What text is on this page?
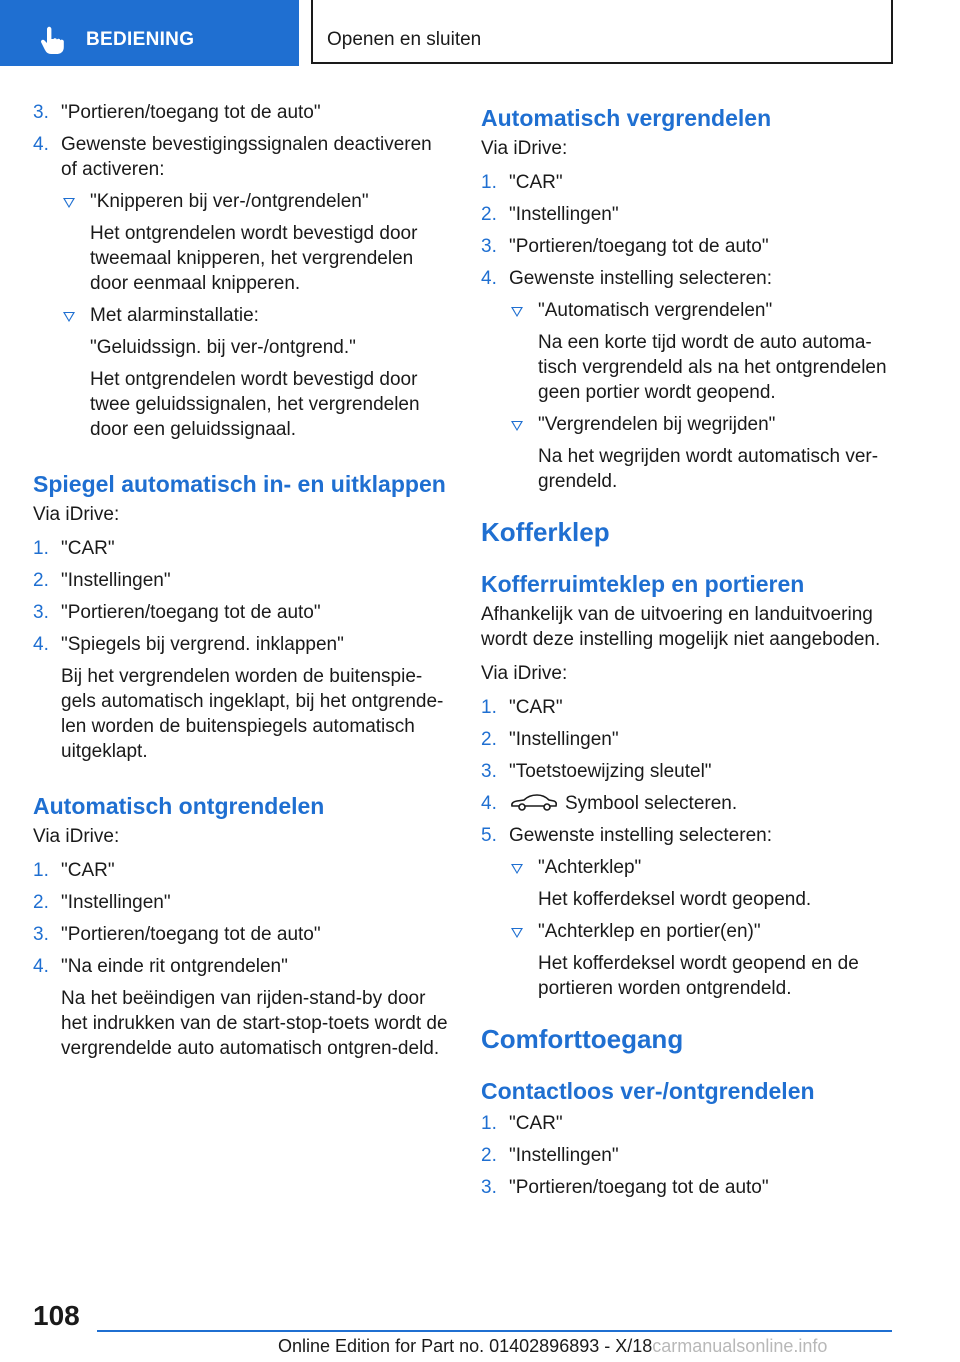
BEDIENING	Openen en sluiten
3. "Portieren/toegang tot de auto"
4. Gewenste bevestigingssignalen deactiveren of activeren:
"Knipperen bij ver-/ontgrendelen"
Het ontgrendelen wordt bevestigd door tweemaal knipperen, het vergrendelen door eenmaal knipperen.
Met alarminstallatie:
"Geluidssign. bij ver-/ontgrend."
Het ontgrendelen wordt bevestigd door twee geluidssignalen, het vergrendelen door een geluidssignaal.
Spiegel automatisch in- en uitklappen
Via iDrive:
1. "CAR"
2. "Instellingen"
3. "Portieren/toegang tot de auto"
4. "Spiegels bij vergrend. inklappen"
Bij het vergrendelen worden de buitenspie-gels automatisch ingeklapt, bij het ontgrende-len worden de buitenspiegels automatisch uitgeklapt.
Automatisch ontgrendelen
Via iDrive:
1. "CAR"
2. "Instellingen"
3. "Portieren/toegang tot de auto"
4. "Na einde rit ontgrendelen"
Na het beëindigen van rijden-stand-by door het indrukken van de start-stop-toets wordt de vergrendelde auto automatisch ontgren-deld.
Automatisch vergrendelen
Via iDrive:
1. "CAR"
2. "Instellingen"
3. "Portieren/toegang tot de auto"
4. Gewenste instelling selecteren:
"Automatisch vergrendelen"
Na een korte tijd wordt de auto automa-tisch vergrendeld als na het ontgrendelen geen portier wordt geopend.
"Vergrendelen bij wegrijden"
Na het wegrijden wordt automatisch ver-grendeld.
Kofferklep
Kofferruimteklep en portieren
Afhankelijk van de uitvoering en landuitvoering wordt deze instelling mogelijk niet aangeboden.
Via iDrive:
1. "CAR"
2. "Instellingen"
3. "Toetstoewijzing sleutel"
4.	Symbool selecteren.
5. Gewenste instelling selecteren:
"Achterklep"
Het kofferdeksel wordt geopend.
"Achterklep en portier(en)"
Het kofferdeksel wordt geopend en de portieren worden ontgrendeld.
Comforttoegang
Contactloos ver-/ontgrendelen
1. "CAR"
2. "Instellingen"
3. "Portieren/toegang tot de auto"
108
Online Edition for Part no. 01402896893 - X/18carmanualsonline.info
